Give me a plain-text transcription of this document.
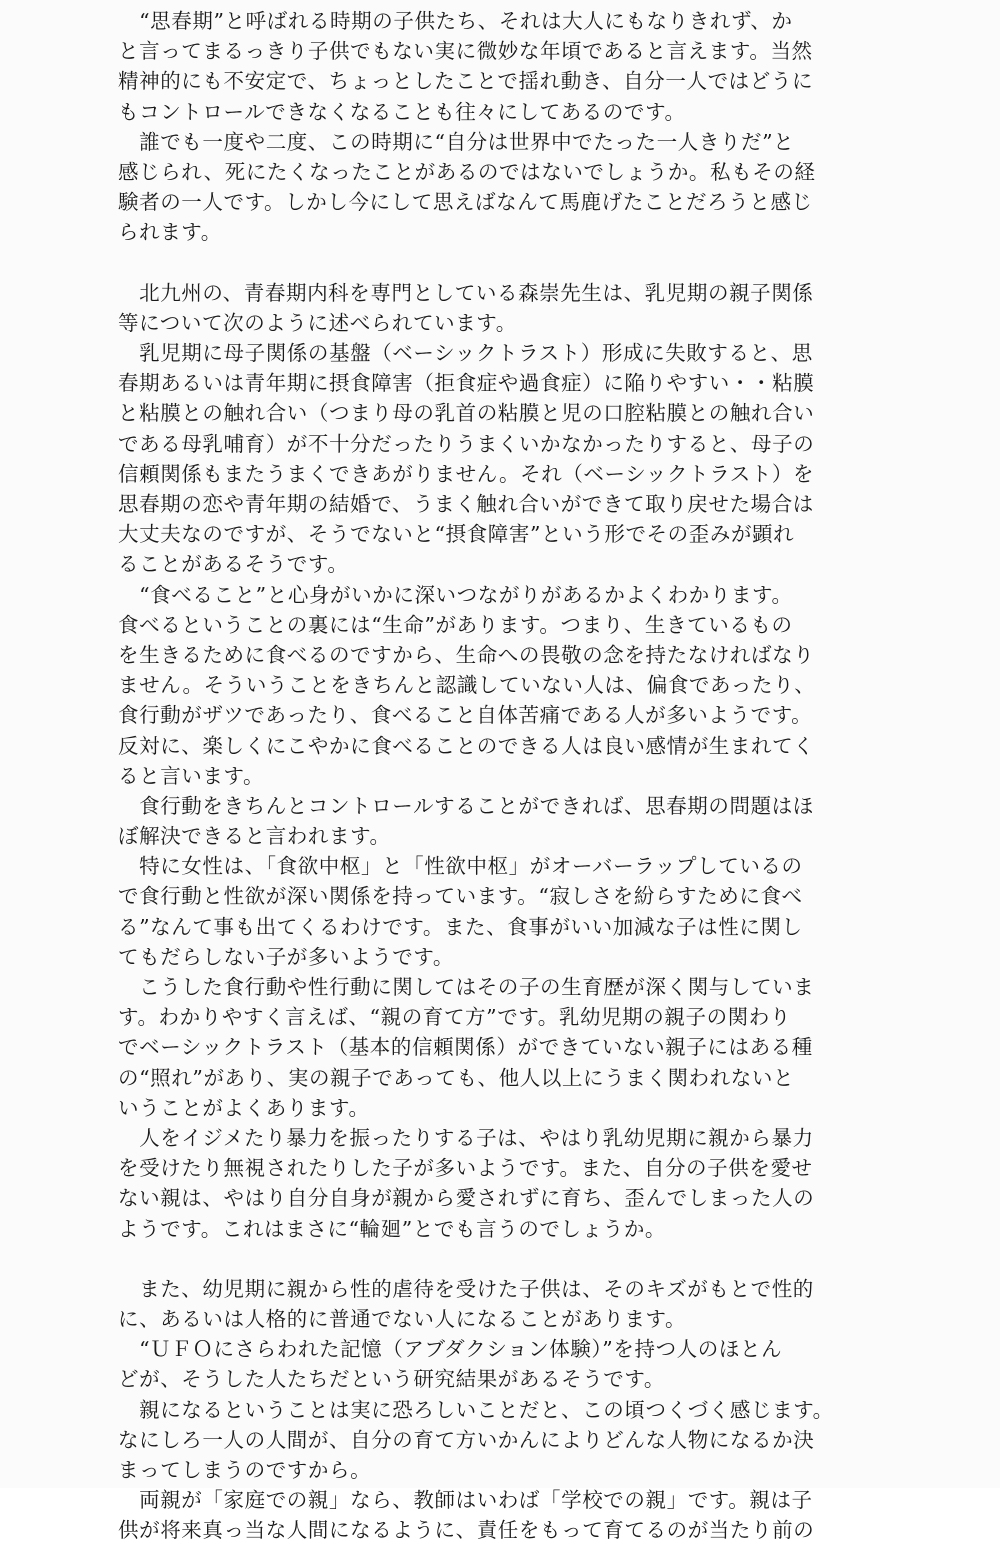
　“思春期”と呼ばれる時期の子供たち、それは大人にもなりきれず、か
と言ってまるっきり子供でもない実に微妙な年頃であると言えます。当然
精神的にも不安定で、ちょっとしたことで揺れ動き、自分一人ではどうに
もコントロールできなくなることも往々にしてあるのです。
　誰でも一度や二度、この時期に“自分は世界中でたった一人きりだ”と
感じられ、死にたくなったことがあるのではないでしょうか。私もその経
験者の一人です。しかし今にして思えばなんて馬鹿げたことだろうと感じ
られます。
　北九州の、青春期内科を専門としている森崇先生は、乳児期の親子関係
等について次のように述べられています。
　乳児期に母子関係の基盤（ベーシックトラスト）形成に失敗すると、思
春期あるいは青年期に摂食障害（拒食症や過食症）に陥りやすい・・粘膜
と粘膜との触れ合い（つまり母の乳首の粘膜と児の口腔粘膜との触れ合い
である母乳哺育）が不十分だったりうまくいかなかったりすると、母子の
信頼関係もまたうまくできあがりません。それ（ベーシックトラスト）を
思春期の恋や青年期の結婚で、うまく触れ合いができて取り戻せた場合は
大丈夫なのですが、そうでないと“摂食障害”という形でその歪みが顕れ
ることがあるそうです。
　“食べること”と心身がいかに深いつながりがあるかよくわかります。
食べるということの裏には“生命”があります。つまり、生きているもの
を生きるために食べるのですから、生命への畏敬の念を持たなければなり
ません。そういうことをきちんと認識していない人は、偏食であったり、
食行動がザツであったり、食べること自体苦痛である人が多いようです。
反対に、楽しくにこやかに食べることのできる人は良い感情が生まれてく
ると言います。
　食行動をきちんとコントロールすることができれば、思春期の問題はほ
ぼ解決できると言われます。
　特に女性は、「食欲中枢」と「性欲中枢」がオーバーラップしているの
で食行動と性欲が深い関係を持っています。“寂しさを紛らすために食べ
る”なんて事も出てくるわけです。また、食事がいい加減な子は性に関し
てもだらしない子が多いようです。
　こうした食行動や性行動に関してはその子の生育歴が深く関与していま
す。わかりやすく言えば、“親の育て方”です。乳幼児期の親子の関わり
でベーシックトラスト（基本的信頼関係）ができていない親子にはある種
の“照れ”があり、実の親子であっても、他人以上にうまく関われないと
いうことがよくあります。
　人をイジメたり暴力を振ったりする子は、やはり乳幼児期に親から暴力
を受けたり無視されたりした子が多いようです。また、自分の子供を愛せ
ない親は、やはり自分自身が親から愛されずに育ち、歪んでしまった人の
ようです。これはまさに“輪廻”とでも言うのでしょうか。
　また、幼児期に親から性的虐待を受けた子供は、そのキズがもとで性的
に、あるいは人格的に普通でない人になることがあります。
　“ＵＦＯにさらわれた記憶（アブダクション体験）”を持つ人のほとん
どが、そうした人たちだという研究結果があるそうです。
　親になるということは実に恐ろしいことだと、この頃つくづく感じます。
なにしろ一人の人間が、自分の育て方いかんによりどんな人物になるか決
まってしまうのですから。
　両親が「家庭での親」なら、教師はいわば「学校での親」です。親は子
供が将来真っ当な人間になるように、責任をもって育てるのが当たり前の
